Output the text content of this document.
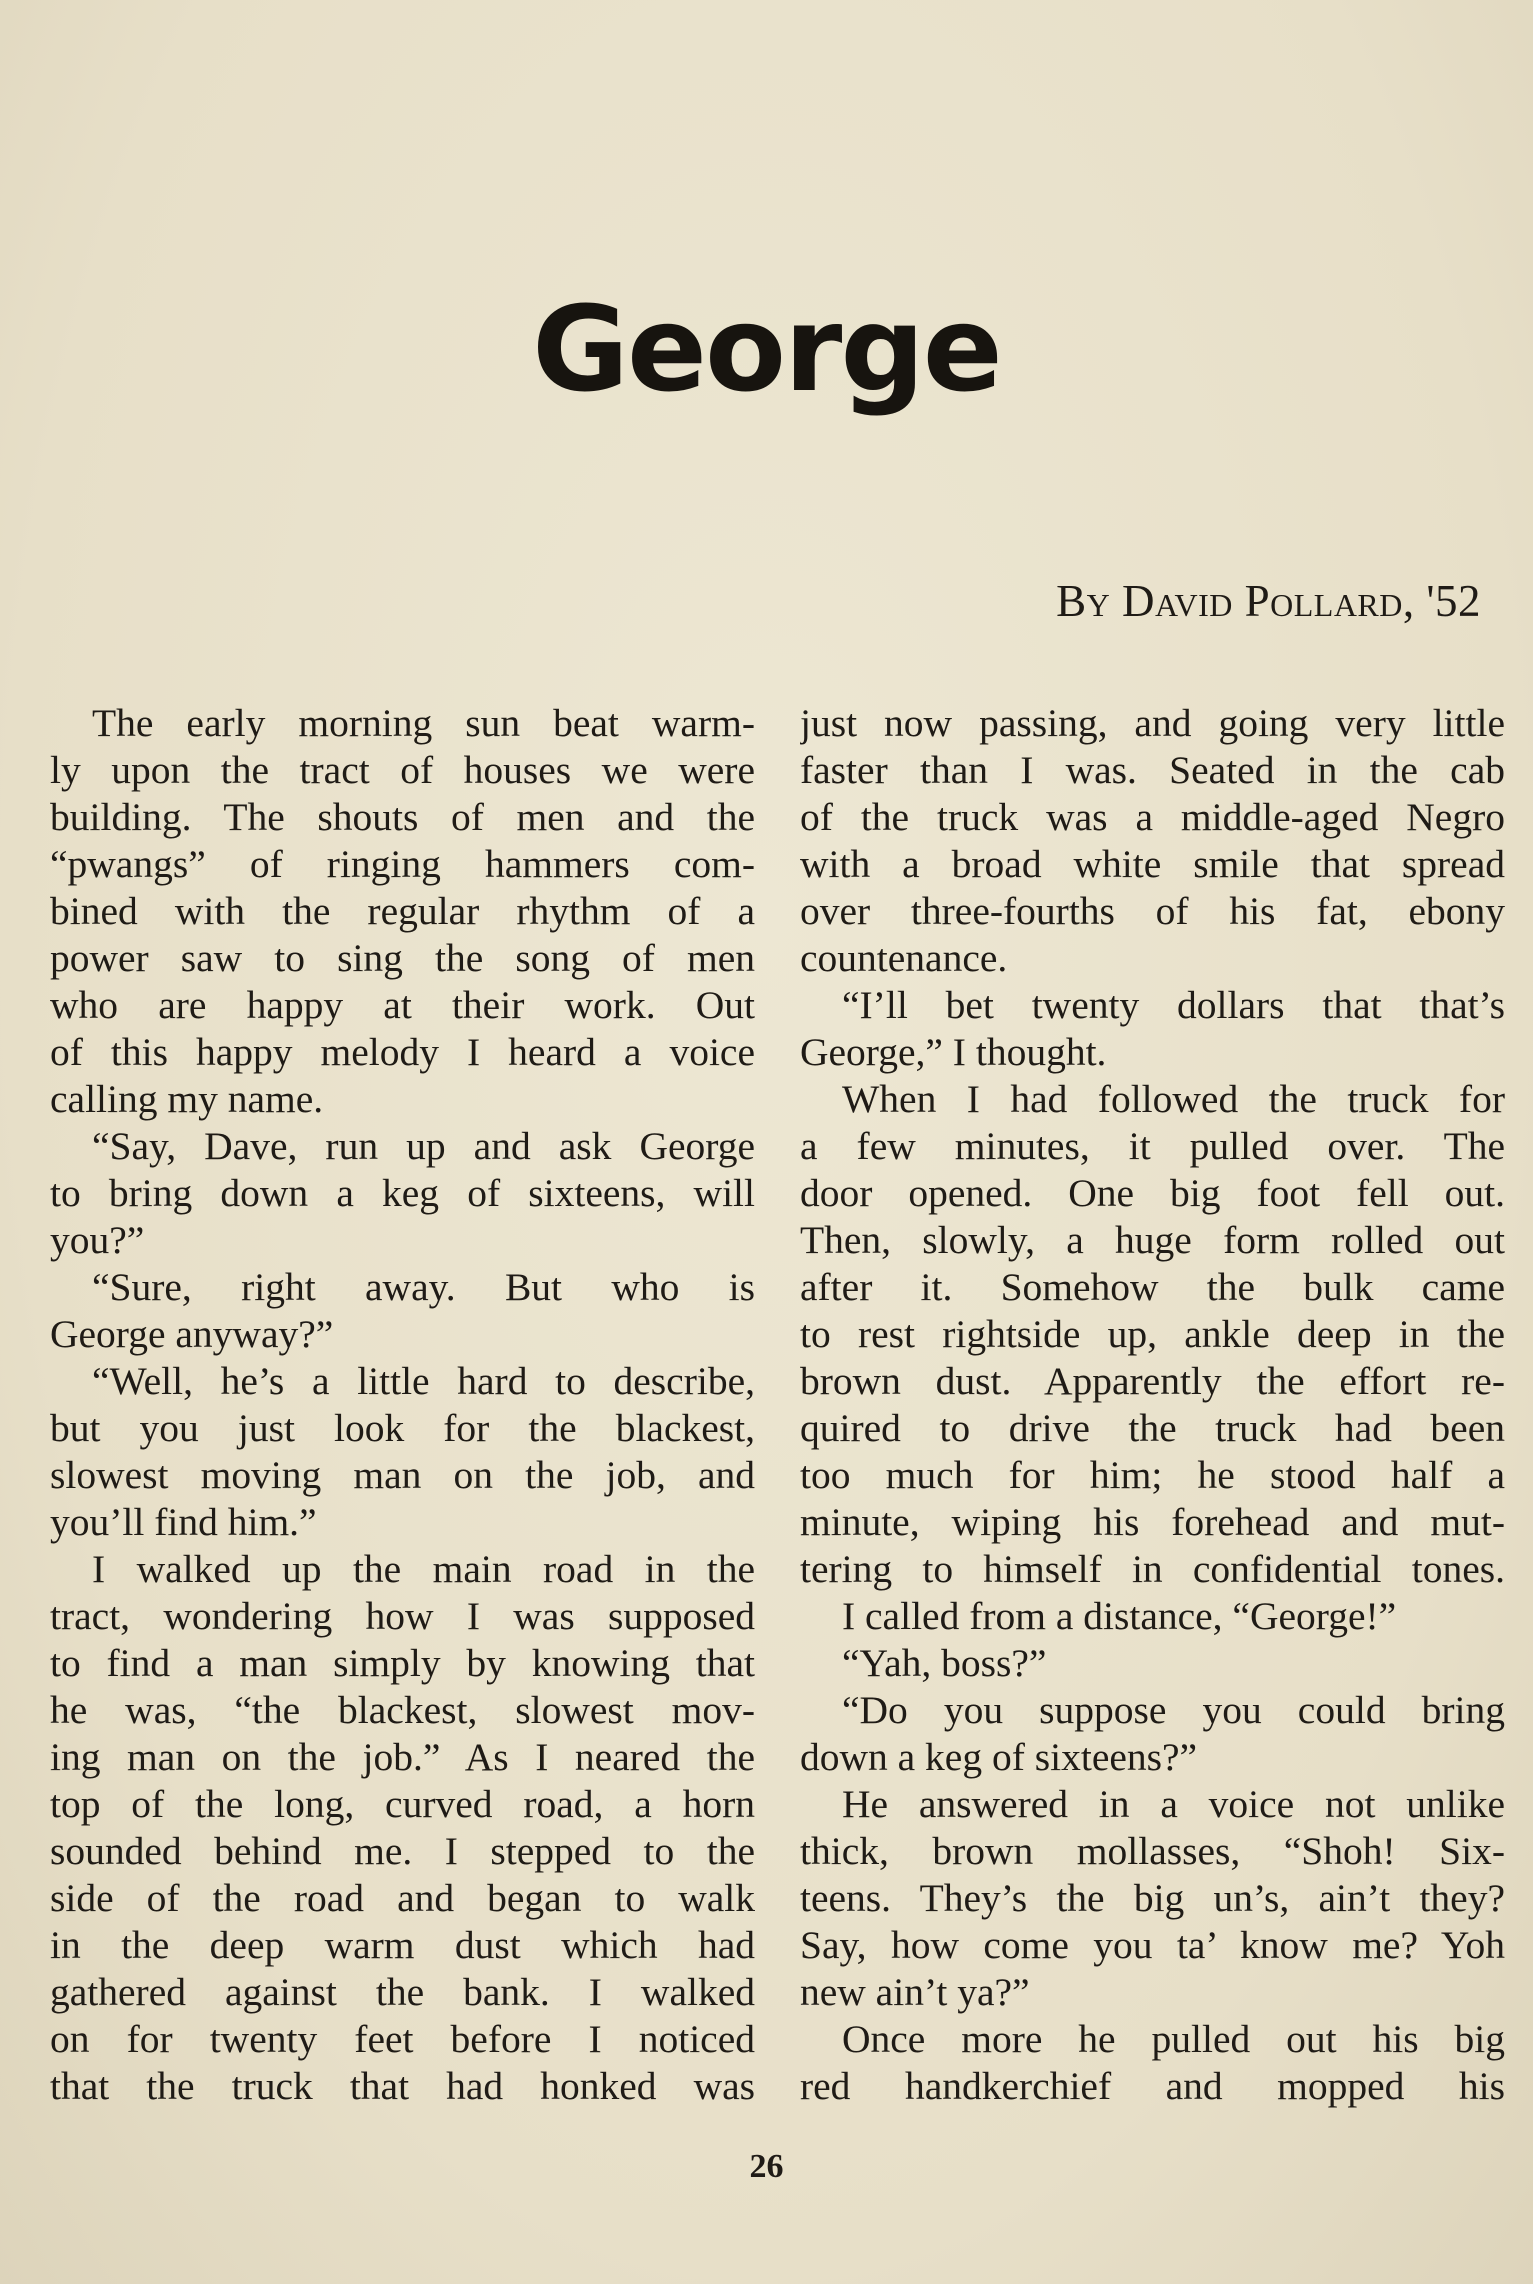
George

By David Pollard, '52

The early morning sun beat warm-
ly upon the tract of houses we were
building. The shouts of men and the
“pwangs” of ringing hammers com-
bined with the regular rhythm of a
power saw to sing the song of men
who are happy at their work. Out
of this happy melody I heard a voice
calling my name.
“Say, Dave, run up and ask George
to bring down a keg of sixteens, will
you?”
“Sure, right away. But who is
George anyway?”
“Well, he’s a little hard to describe,
but you just look for the blackest,
slowest moving man on the job, and
you’ll find him.”
I walked up the main road in the
tract, wondering how I was supposed
to find a man simply by knowing that
he was, “the blackest, slowest mov-
ing man on the job.” As I neared the
top of the long, curved road, a horn
sounded behind me. I stepped to the
side of the road and began to walk
in the deep warm dust which had
gathered against the bank. I walked
on for twenty feet before I noticed
that the truck that had honked was
just now passing, and going very little
faster than I was. Seated in the cab
of the truck was a middle-aged Negro
with a broad white smile that spread
over three-fourths of his fat, ebony
countenance.
“I’ll bet twenty dollars that that’s
George,” I thought.
When I had followed the truck for
a few minutes, it pulled over. The
door opened. One big foot fell out.
Then, slowly, a huge form rolled out
after it. Somehow the bulk came
to rest rightside up, ankle deep in the
brown dust. Apparently the effort re-
quired to drive the truck had been
too much for him; he stood half a
minute, wiping his forehead and mut-
tering to himself in confidential tones.
I called from a distance, “George!”
“Yah, boss?”
“Do you suppose you could bring
down a keg of sixteens?”
He answered in a voice not unlike
thick, brown mollasses, “Shoh! Six-
teens. They’s the big un’s, ain’t they?
Say, how come you ta’ know me? Yoh
new ain’t ya?”
Once more he pulled out his big
red handkerchief and mopped his

26
